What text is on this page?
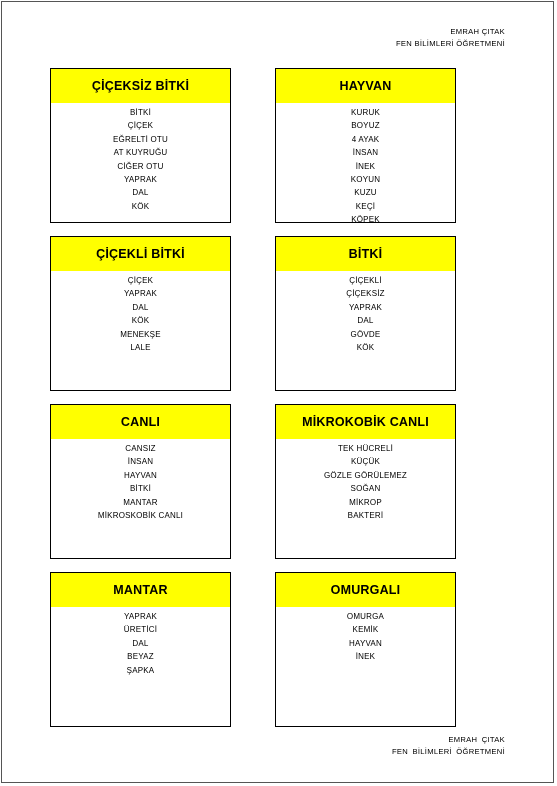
EMRAH ÇITAK
FEN BİLİMLERİ ÖĞRETMENİ
ÇİÇEKSİZ BİTKİ
BİTKİ
ÇİÇEK
EĞRELTİ OTU
AT KUYRUĞU
CİĞER OTU
YAPRAK
DAL
KÖK
HAYVAN
KURUK
BOYUZ
4 AYAK
İNSAN
İNEK
KOYUN
KUZU
KEÇİ
KÖPEK
ÇİÇEKLİ BİTKİ
ÇİÇEK
YAPRAK
DAL
KÖK
MENEKŞE
LALE
BİTKİ
ÇİÇEKLİ
ÇİÇEKSİZ
YAPRAK
DAL
GÖVDE
KÖK
CANLI
CANSIZ
İNSAN
HAYVAN
BİTKİ
MANTAR
MİKROSKOBİK CANLI
MİKROKOBİK CANLI
TEK HÜCRELİ
KÜÇÜK
GÖZLE GÖRÜLEMEZ
SOĞAN
MİKROP
BAKTERİ
MANTAR
YAPRAK
ÜRETİCİ
DAL
BEYAZ
ŞAPKA
OMURGALI
OMURGA
KEMİK
HAYVAN
İNEK
EMRAH ÇITAK
FEN BİLİMLERİ ÖĞRETMENİ
